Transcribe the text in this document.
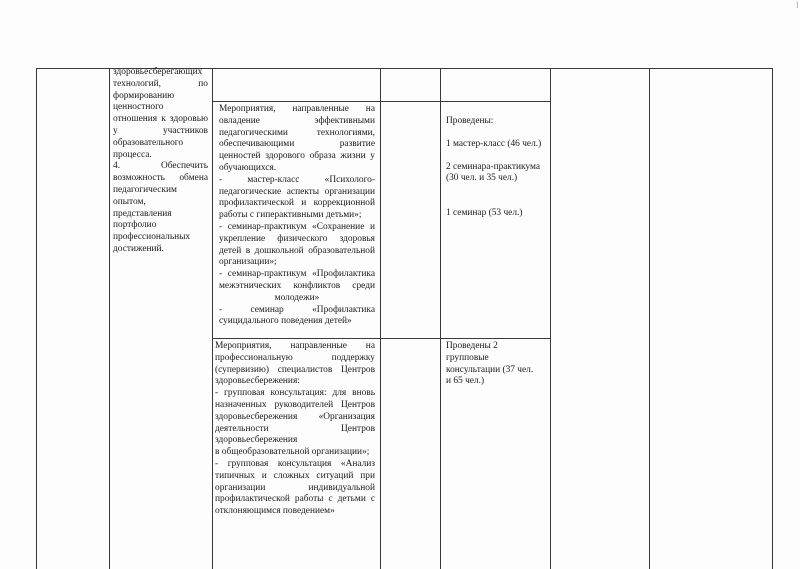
ǀ

здоровьесберегающих

технологий, по

формированию

ценностного

отношения к здоровью

у участников

образовательного

процесса.

4. Обеспечить

возможность обмена

педагогическим

опытом,

представления

портфолио

профессиональных

достижений.

Мероприятия, направленные на

овладение эффективными

педагогическими технологиями,

обеспечивающими развитие

ценностей здорового образа жизни у

обучающихся.

- мастер-класс «Психолого-

педагогические аспекты организации

профилактической и коррекционной

работы с гиперактивными детьми»;

- семинар-практикум «Сохранение и

укрепление физического здоровья

детей в дошкольной образовательной

организации»;

- семинар-практикум «Профилактика

межэтнических конфликтов среди

молодежи»

- семинар «Профилактика

суицидального поведения детей»

Проведены:

1 мастер-класс (46 чел.)

2 семинара-практикума

(30 чел. и 35 чел.)

1 семинар (53 чел.)

Мероприятия, направленные на

профессиональную поддержку

(супервизию) специалистов Центров

здоровьесбережения:

- групповая консультация: для вновь

назначенных руководителей Центров

здоровьесбережения «Организация

деятельности Центров

здоровьесбережения

в общеобразовательной организации»;

- групповая консультация «Анализ

типичных и сложных ситуаций при

организации индивидуальной

профилактической работы с детьми с

отклоняющимся поведением»

Проведены 2

групповые

консультации (37 чел.

и 65 чел.)
